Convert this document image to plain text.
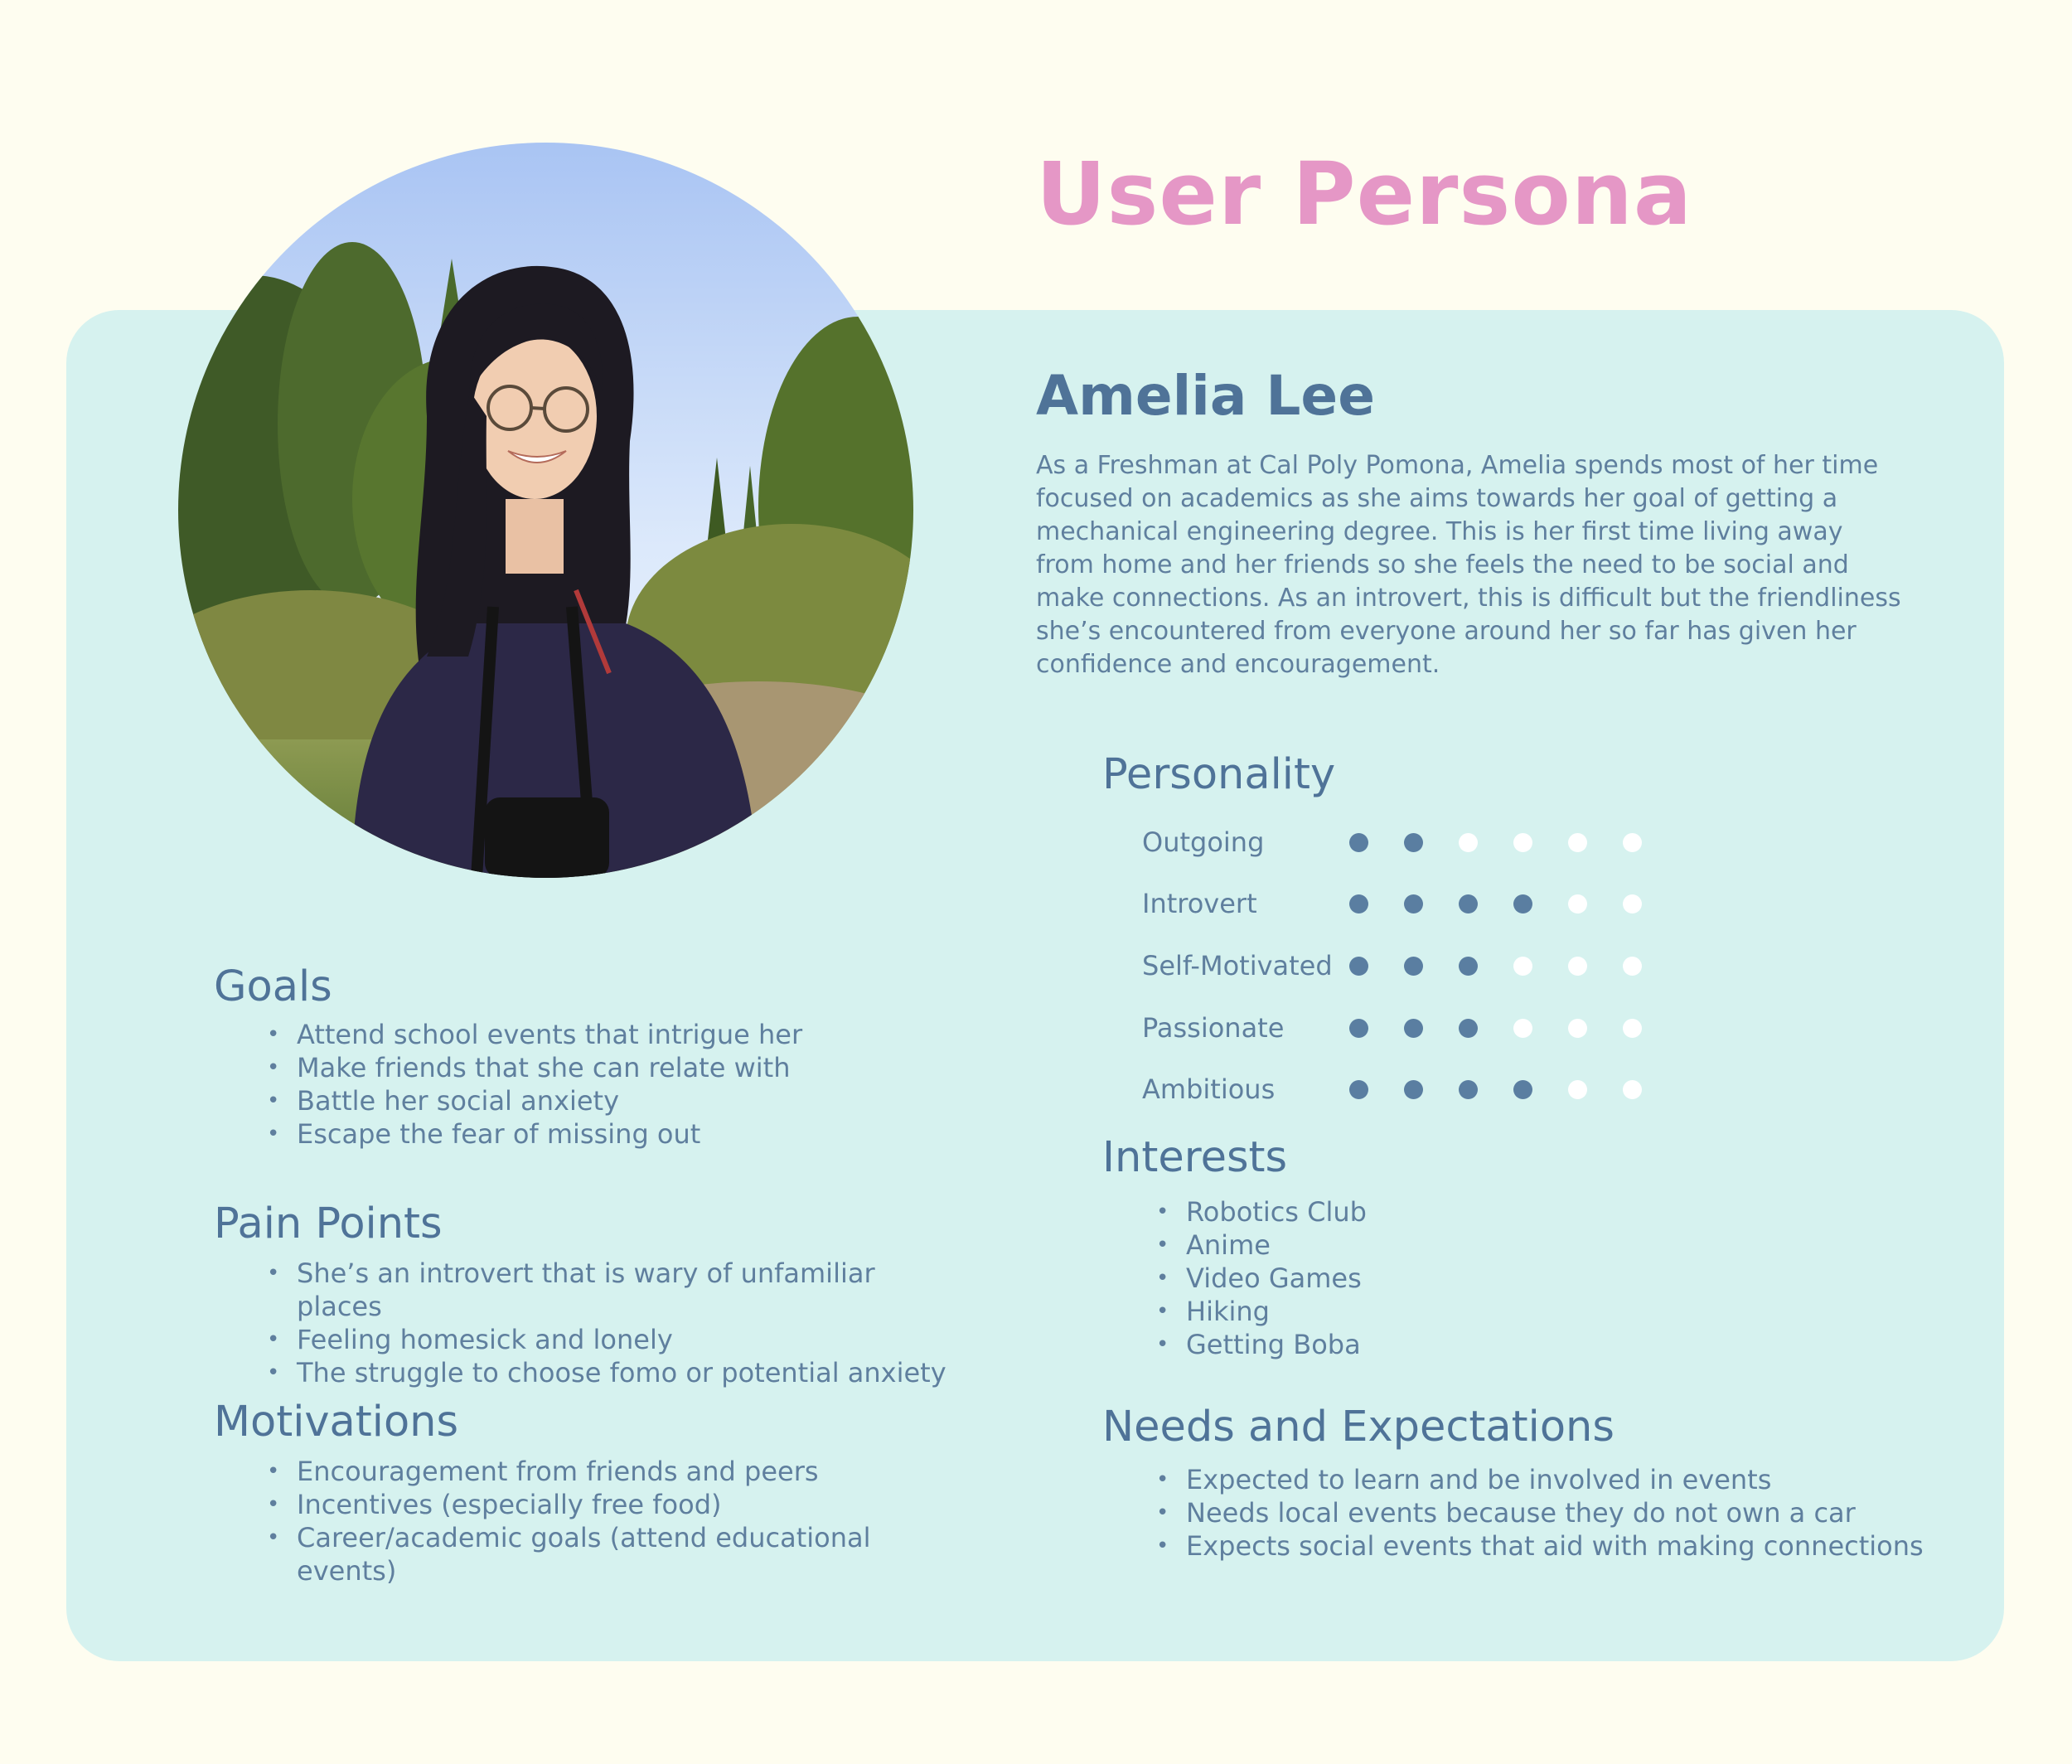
User Persona
Amelia Lee

As a Freshman at Cal Poly Pomona, Amelia spends most of her time focused on academics as she aims towards her goal of getting a mechanical engineering degree. This is her first time living away from home and her friends so she feels the need to be social and make connections. As an introvert, this is difficult but the friendliness she’s encountered from everyone around her so far has given her confidence and encouragement.

Goals
• Attend school events that intrigue her
• Make friends that she can relate with
• Battle her social anxiety
• Escape the fear of missing out
Pain Points
• She’s an introvert that is wary of unfamiliar places
• Feeling homesick and lonely
• The struggle to choose fomo or potential anxiety
Motivations
• Encouragement from friends and peers
• Incentives (especially free food)
• Career/academic goals (attend educational events)
Personality
Outgoing
Introvert
Self-Motivated
Passionate
Ambitious
Interests
• Robotics Club
• Anime
• Video Games
• Hiking
• Getting Boba
Needs and Expectations
• Expected to learn and be involved in events
• Needs local events because they do not own a car
• Expects social events that aid with making connections
